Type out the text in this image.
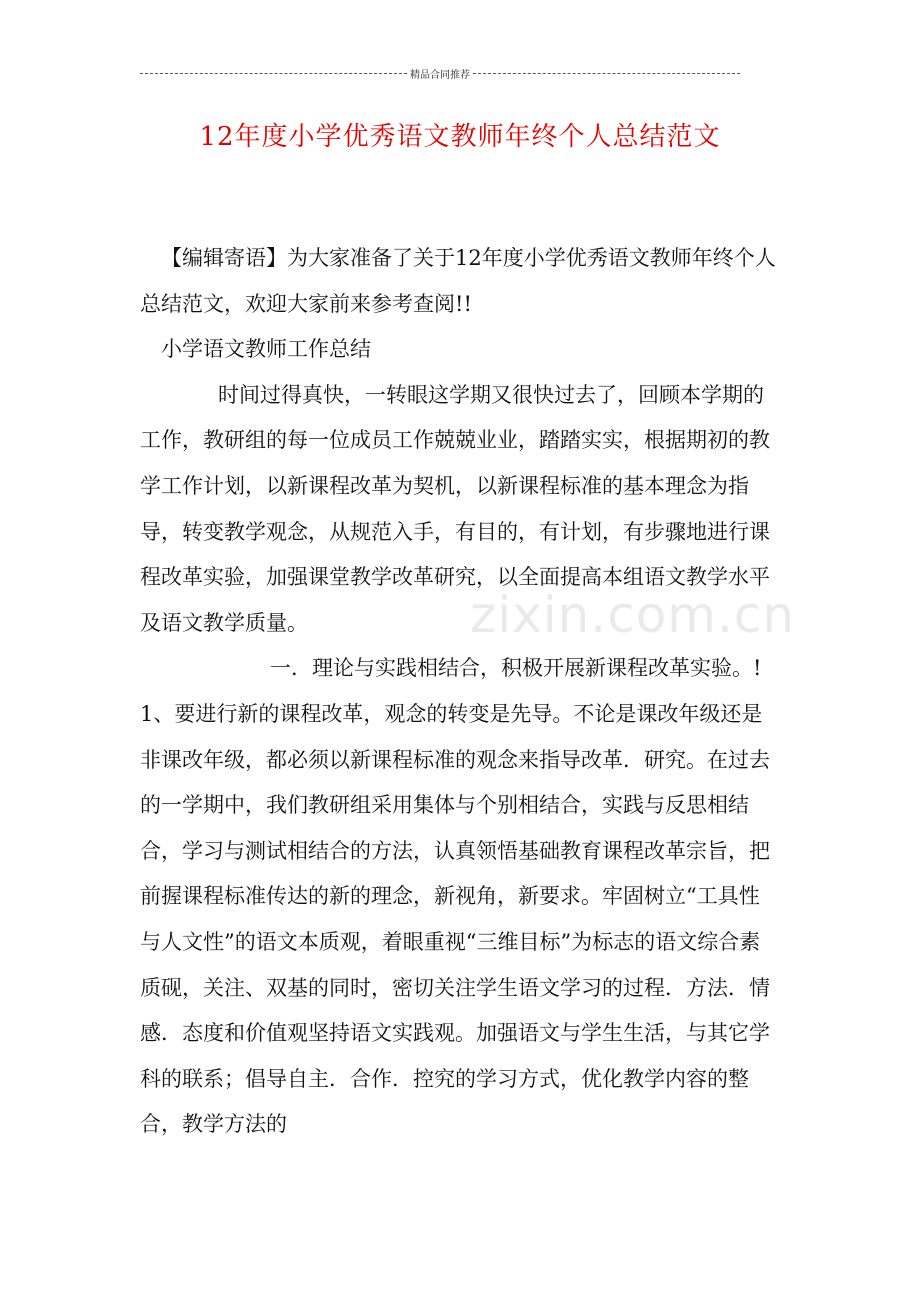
精品合同推荐
12年度小学优秀语文教师年终个人总结范文

【编辑寄语】为大家准备了关于12年度小学优秀语文教师年终个人总结范文，欢迎大家前来参考查阅!!

小学语文教师工作总结

时间过得真快，一转眼这学期又很快过去了，回顾本学期的工作，教研组的每一位成员工作兢兢业业，踏踏实实，根据期初的教学工作计划，以新课程改革为契机，以新课程标准的基本理念为指导，转变教学观念，从规范入手，有目的，有计划，有步骤地进行课程改革实验，加强课堂教学改革研究，以全面提高本组语文教学水平及语文教学质量。

一．理论与实践相结合，积极开展新课程改革实验。!　　1、要进行新的课程改革，观念的转变是先导。不论是课改年级还是非课改年级，都必须以新课程标准的观念来指导改革．研究。在过去的一学期中，我们教研组采用集体与个别相结合，实践与反思相结合，学习与测试相结合的方法，认真领悟基础教育课程改革宗旨，把前握课程标准传达的新的理念，新视角，新要求。牢固树立“工具性与人文性”的语文本质观，着眼重视“三维目标”为标志的语文综合素质砚，关注、双基的同时，密切关注学生语文学习的过程．方法．情感．态度和价值观坚持语文实践观。加强语文与学生生活，与其它学科的联系；倡导自主．合作．控究的学习方式，优化教学内容的整合，教学方法的

zixin.com.cn
